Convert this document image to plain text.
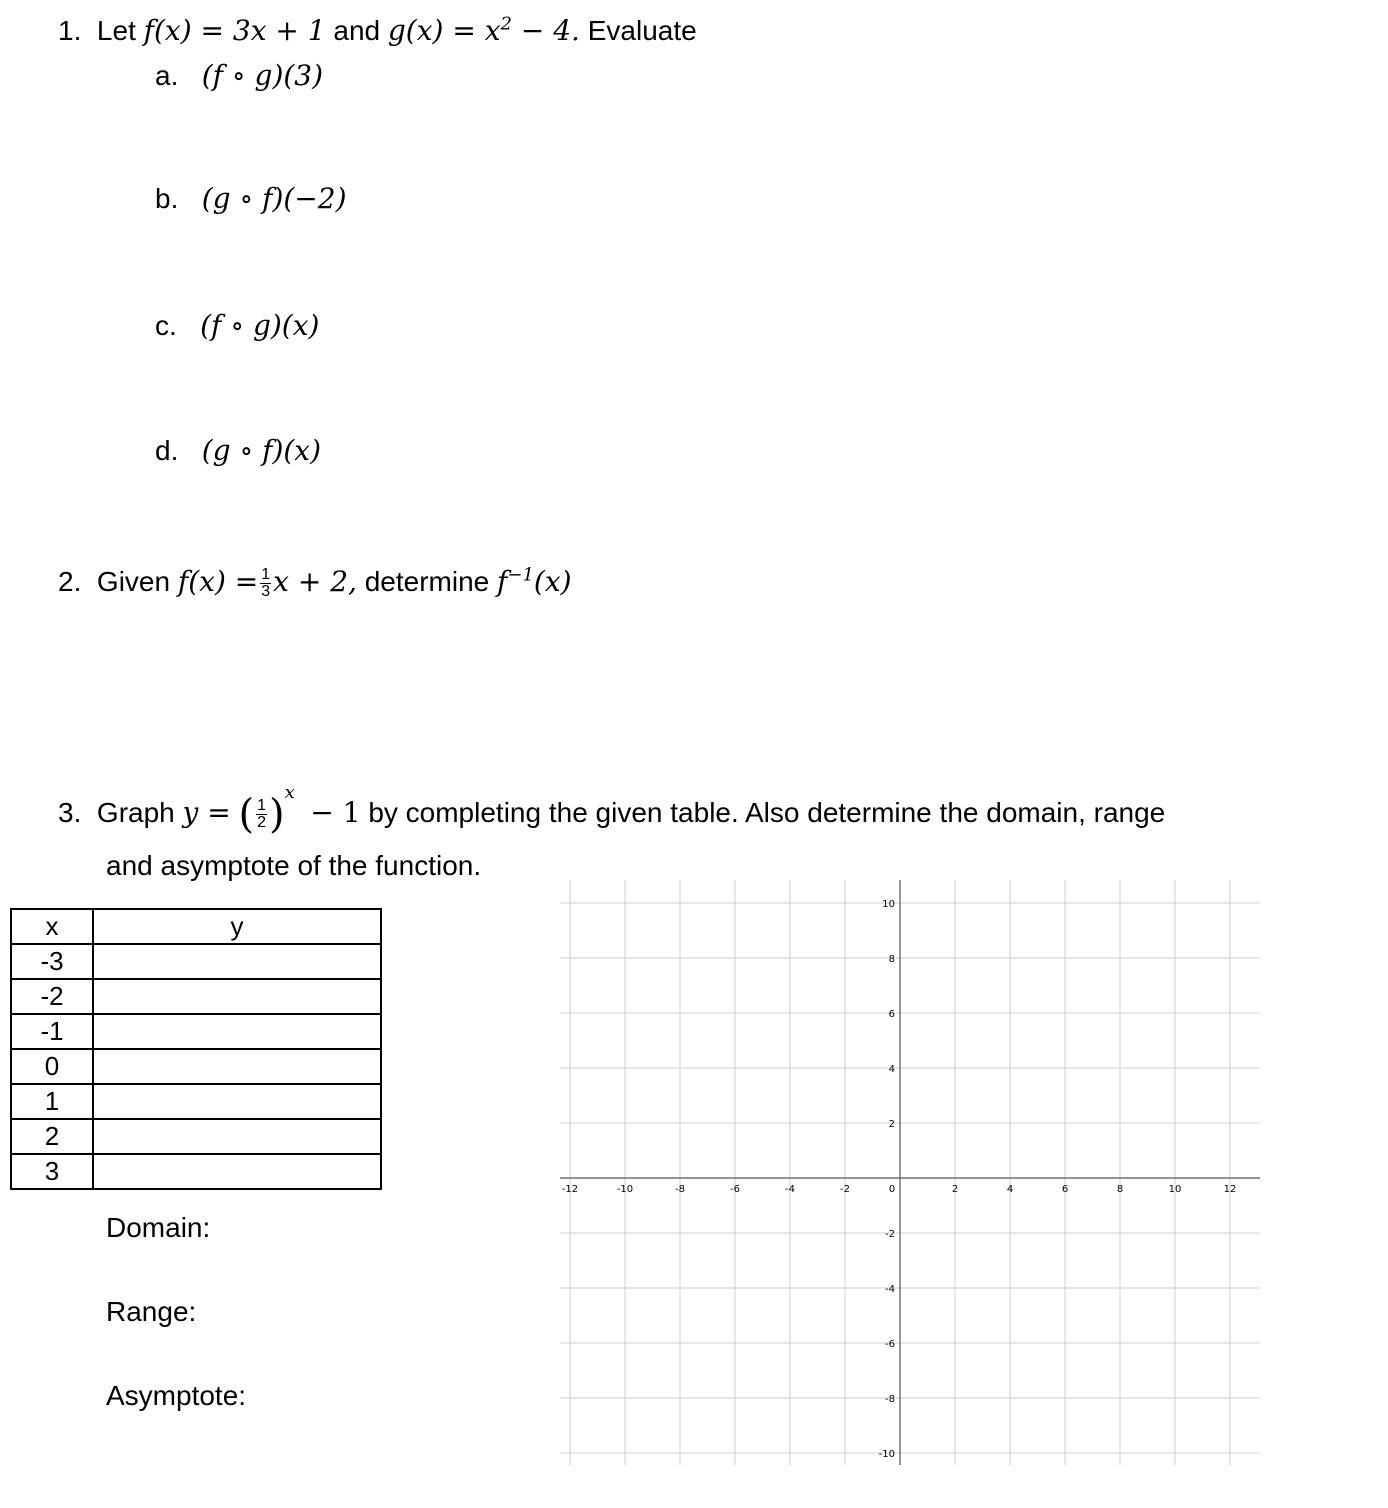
1. Let f(x) = 3x + 1 and $g(x) = x^2 - 4$. Evaluate
a. (f ∘ g)(3)
b. (g ∘ f)(−2)
c. (f ∘ g)(x)
d. (g ∘ f)(x)
2. Given $f(x) = \frac{1}{3}$ x + 2, determine $f^{-1}(x)$
3. Graph y = ( $\frac{1}{2} )^x - 1$ by completing the given table. Also determine the domain, range
and asymptote of the function.
x	y
-3	
-2	
-1	
0	
1	
2	
3	
Domain:
Range:
Asymptote:
-12	-10	-8	-6	-4	-2	0	2	4	6	8	10	12
10
8
6
4
2
-2
-4
-6
-8
-10
